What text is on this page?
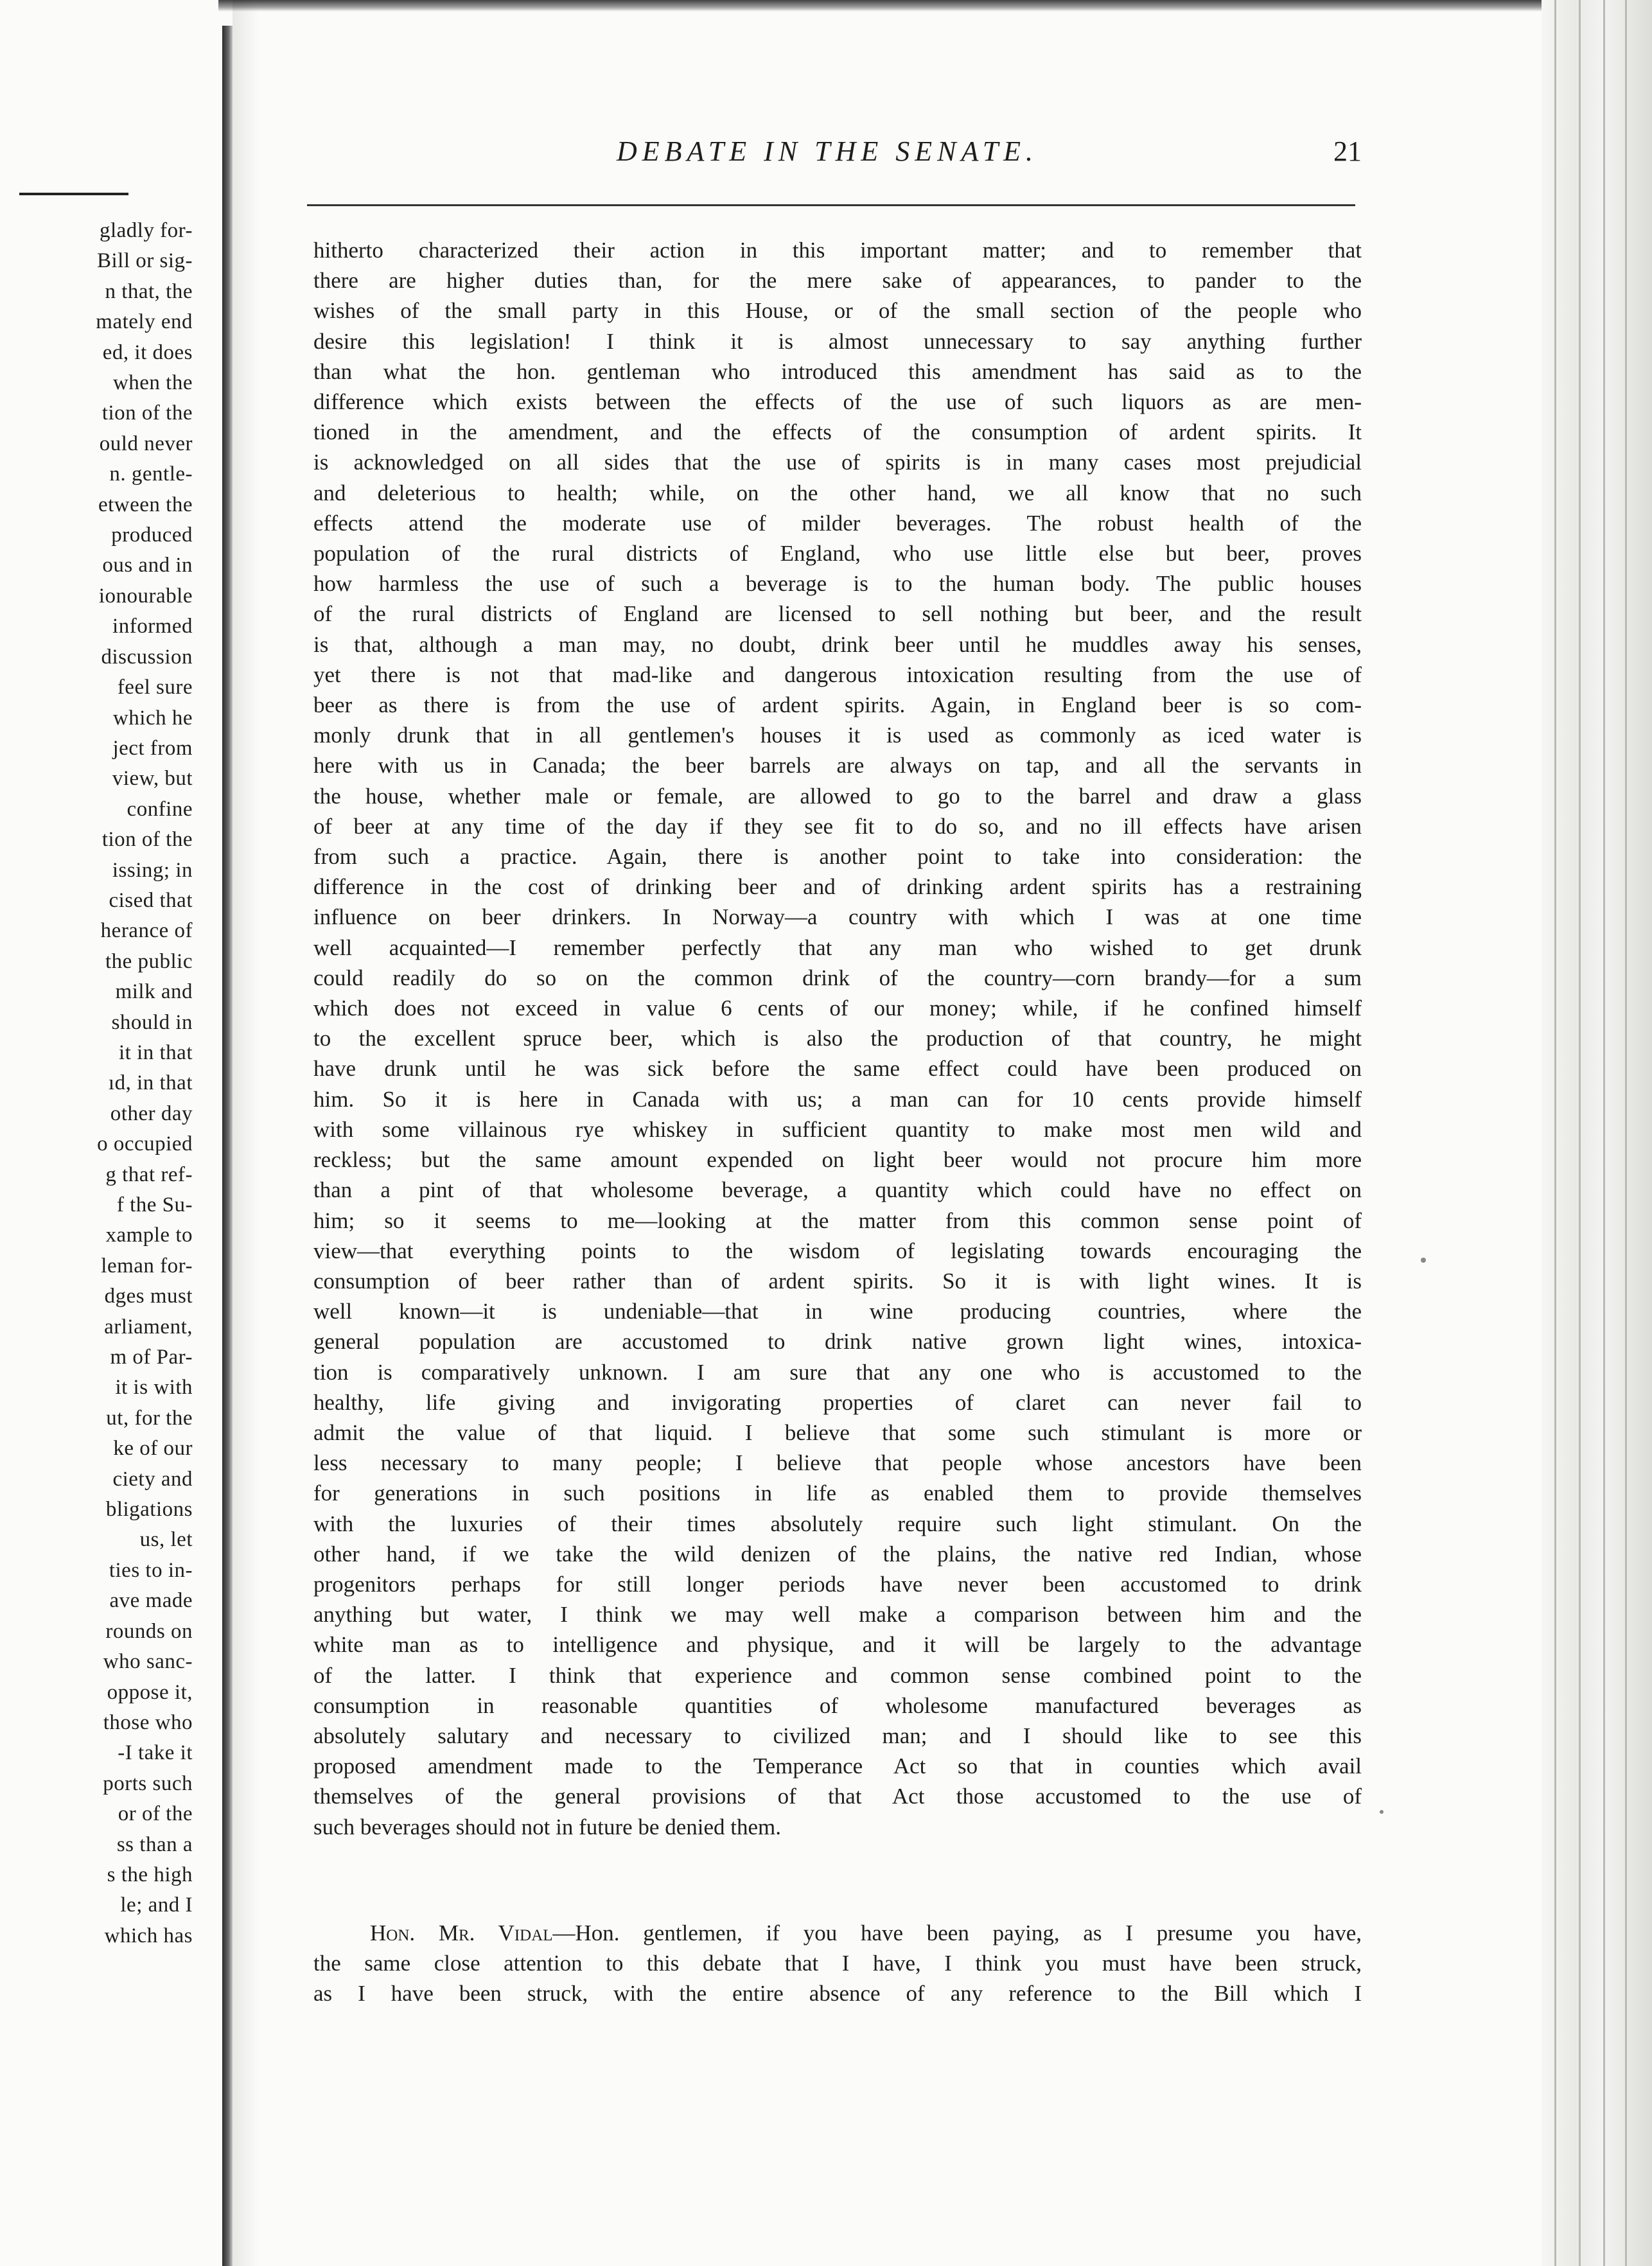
gladly for-
Bill or sig-
n that, the
mately end
ed, it does
when the
tion of the
ould never
n. gentle-
etween the
produced
ous and in
ionourable
informed
discussion
feel sure
which he
ject from
view, but
confine
tion of the
issing; in
cised that
herance of
the public
milk and
should in
it in that
ıd, in that
other day
o occupied
g that ref-
f the Su-
xample to
leman for-
dges must
arliament,
m of Par-
it is with
ut, for the
ke of our
ciety and
bligations
us, let
ties to in-
ave made
rounds on
who sanc-
oppose it,
those who
-I take it
ports such
or of the
ss than a
s the high
le; and I
which has
DEBATE IN THE SENATE.	21
hitherto characterized their action in this important matter; and to remember that
there are higher duties than, for the mere sake of appearances, to pander to the
wishes of the small party in this House, or of the small section of the people who
desire this legislation! I think it is almost unnecessary to say anything further
than what the hon. gentleman who introduced this amendment has said as to the
difference which exists between the effects of the use of such liquors as are men-
tioned in the amendment, and the effects of the consumption of ardent spirits. It
is acknowledged on all sides that the use of spirits is in many cases most prejudicial
and deleterious to health; while, on the other hand, we all know that no such
effects attend the moderate use of milder beverages. The robust health of the
population of the rural districts of England, who use little else but beer, proves
how harmless the use of such a beverage is to the human body. The public houses
of the rural districts of England are licensed to sell nothing but beer, and the result
is that, although a man may, no doubt, drink beer until he muddles away his senses,
yet there is not that mad-like and dangerous intoxication resulting from the use of
beer as there is from the use of ardent spirits. Again, in England beer is so com-
monly drunk that in all gentlemen's houses it is used as commonly as iced water is
here with us in Canada; the beer barrels are always on tap, and all the servants in
the house, whether male or female, are allowed to go to the barrel and draw a glass
of beer at any time of the day if they see fit to do so, and no ill effects have arisen
from such a practice. Again, there is another point to take into consideration: the
difference in the cost of drinking beer and of drinking ardent spirits has a restraining
influence on beer drinkers. In Norway—a country with which I was at one time
well acquainted—I remember perfectly that any man who wished to get drunk
could readily do so on the common drink of the country—corn brandy—for a sum
which does not exceed in value 6 cents of our money; while, if he confined himself
to the excellent spruce beer, which is also the production of that country, he might
have drunk until he was sick before the same effect could have been produced on
him. So it is here in Canada with us; a man can for 10 cents provide himself
with some villainous rye whiskey in sufficient quantity to make most men wild and
reckless; but the same amount expended on light beer would not procure him more
than a pint of that wholesome beverage, a quantity which could have no effect on
him; so it seems to me—looking at the matter from this common sense point of
view—that everything points to the wisdom of legislating towards encouraging the
consumption of beer rather than of ardent spirits. So it is with light wines. It is
well known—it is undeniable—that in wine producing countries, where the
general population are accustomed to drink native grown light wines, intoxica-
tion is comparatively unknown. I am sure that any one who is accustomed to the
healthy, life giving and invigorating properties of claret can never fail to
admit the value of that liquid. I believe that some such stimulant is more or
less necessary to many people; I believe that people whose ancestors have been
for generations in such positions in life as enabled them to provide themselves
with the luxuries of their times absolutely require such light stimulant. On the
other hand, if we take the wild denizen of the plains, the native red Indian, whose
progenitors perhaps for still longer periods have never been accustomed to drink
anything but water, I think we may well make a comparison between him and the
white man as to intelligence and physique, and it will be largely to the advantage
of the latter. I think that experience and common sense combined point to the
consumption in reasonable quantities of wholesome manufactured beverages as
absolutely salutary and necessary to civilized man; and I should like to see this
proposed amendment made to the Temperance Act so that in counties which avail
themselves of the general provisions of that Act those accustomed to the use of
such beverages should not in future be denied them.
Hon. Mr. Vidal—Hon. gentlemen, if you have been paying, as I presume you have,
the same close attention to this debate that I have, I think you must have been struck,
as I have been struck, with the entire absence of any reference to the Bill which I
